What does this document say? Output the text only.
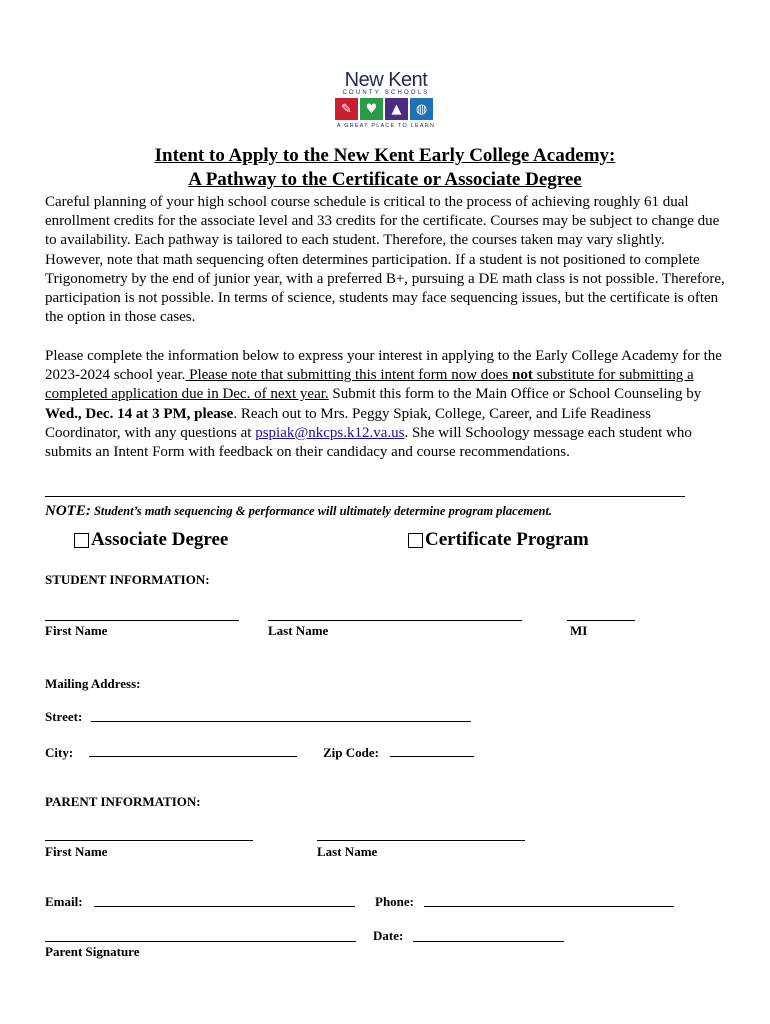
New Kent
COUNTY SCHOOLS
✎	♥	▲	◍
A GREAT PLACE TO LEARN
Intent to Apply to the New Kent Early College Academy:
A Pathway to the Certificate or Associate Degree

Careful planning of your high school course schedule is critical to the process of achieving roughly 61 dual enrollment credits for the associate level and 33 credits for the certificate. Courses may be subject to change due to availability. Each pathway is tailored to each student. Therefore, the courses taken may vary slightly. However, note that math sequencing often determines participation. If a student is not positioned to complete Trigonometry by the end of junior year, with a preferred B+, pursuing a DE math class is not possible. Therefore, participation is not possible. In terms of science, students may face sequencing issues, but the certificate is often the option in those cases.

Please complete the information below to express your interest in applying to the Early College Academy for the 2023-2024 school year. Please note that submitting this intent form now does not substitute for submitting a completed application due in Dec. of next year. Submit this form to the Main Office or School Counseling by Wed., Dec. 14 at 3 PM, please. Reach out to Mrs. Peggy Spiak, College, Career, and Life Readiness Coordinator, with any questions at pspiak@nkcps.k12.va.us. She will Schoology message each student who submits an Intent Form with feedback on their candidacy and course recommendations.

NOTE: Student’s math sequencing & performance will ultimately determine program placement.
Associate Degree	Certificate Program
STUDENT INFORMATION:
First Name	Last Name	MI
Mailing Address:
Street:
City:	Zip Code:
PARENT INFORMATION:
First Name	Last Name
Email:	Phone:
Date:
Parent Signature
